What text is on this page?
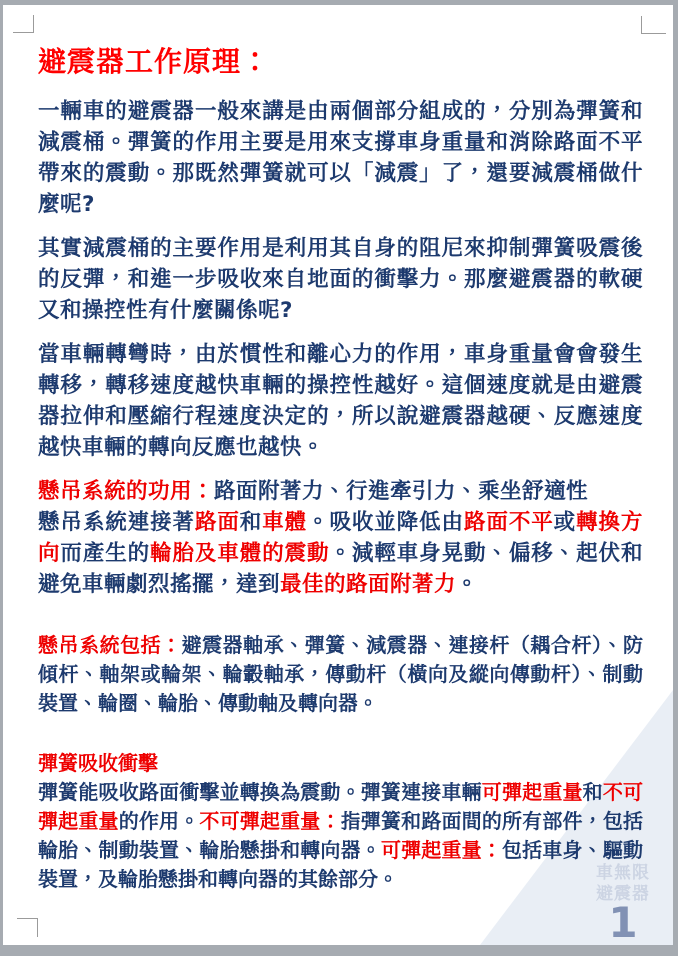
車無限
避震器
1
避震器工作原理：

一輛車的避震器一般來講是由兩個部分組成的，分別為彈簧和減震桶。彈簧的作用主要是用來支撐車身重量和消除路面不平帶來的震動。那既然彈簧就可以「減震」了，還要減震桶做什麼呢?

其實減震桶的主要作用是利用其自身的阻尼來抑制彈簧吸震後的反彈，和進一步吸收來自地面的衝擊力。那麼避震器的軟硬又和操控性有什麼關係呢?

當車輛轉彎時，由於慣性和離心力的作用，車身重量會會發生轉移，轉移速度越快車輛的操控性越好。這個速度就是由避震器拉伸和壓縮行程速度決定的，所以說避震器越硬、反應速度越快車輛的轉向反應也越快。

懸吊系統的功用：路面附著力、行進牽引力、乘坐舒適性
懸吊系統連接著路面和車體。吸收並降低由路面不平或轉換方向而產生的輪胎及車體的震動。減輕車身晃動、偏移、起伏和避免車輛劇烈搖擺，達到最佳的路面附著力。

懸吊系統包括：避震器軸承、彈簧、減震器、連接杆（耦合杆）、防傾杆、軸架或輪架、輪轂軸承，傳動杆（橫向及縱向傳動杆）、制動裝置、輪圈、輪胎、傳動軸及轉向器。

彈簧吸收衝擊
彈簧能吸收路面衝擊並轉換為震動。彈簧連接車輛可彈起重量和不可彈起重量的作用。不可彈起重量：指彈簧和路面間的所有部件，包括輪胎、制動裝置、輪胎懸掛和轉向器。可彈起重量：包括車身、驅動裝置，及輪胎懸掛和轉向器的其餘部分。
